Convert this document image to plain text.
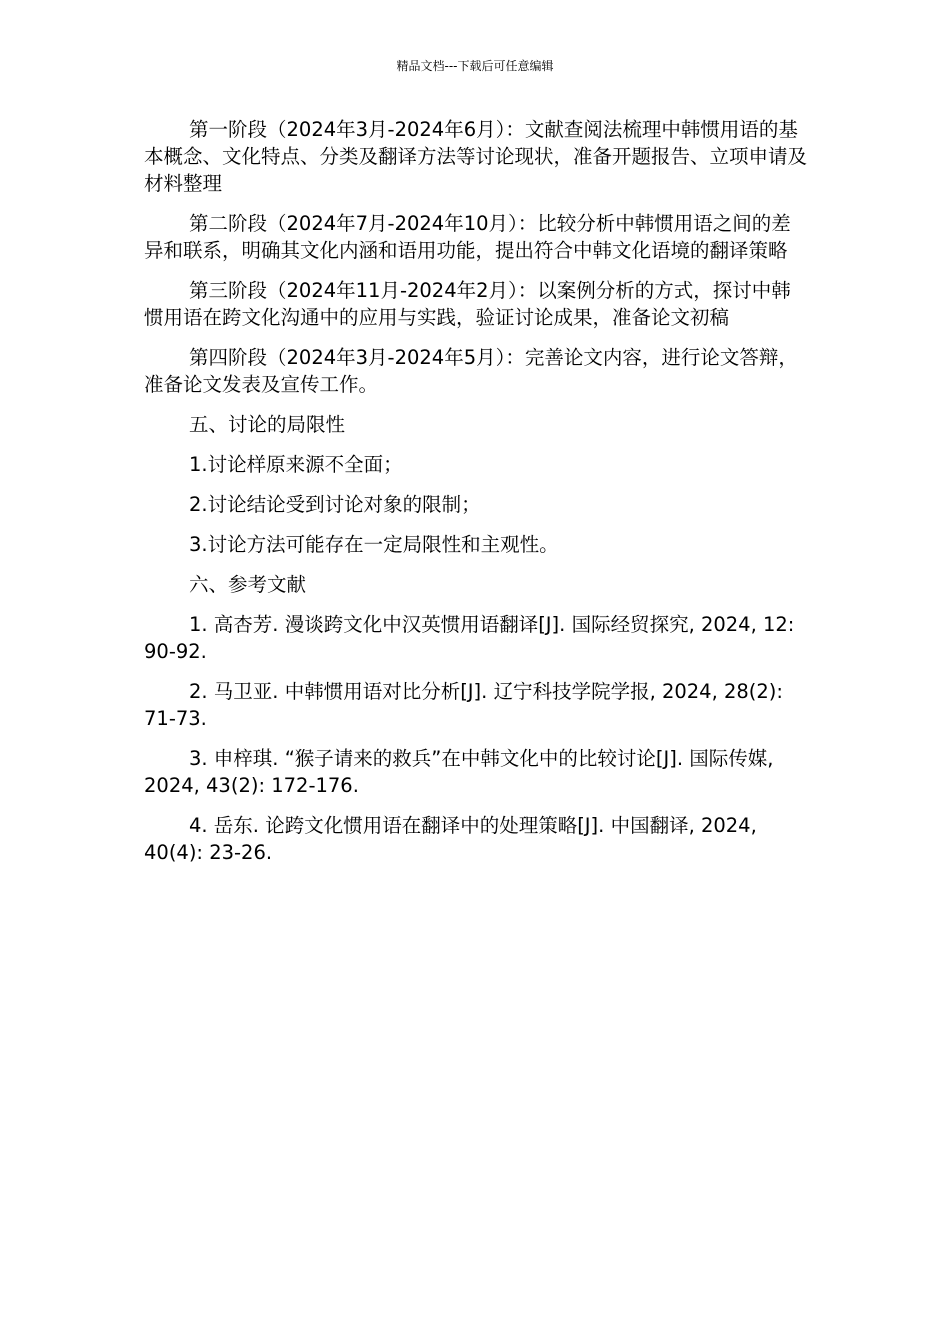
精品文档---下载后可任意编辑

第一阶段（2024年3月-2024年6月）：文献查阅法梳理中韩惯用语的基本概念、文化特点、分类及翻译方法等讨论现状，准备开题报告、立项申请及材料整理

第二阶段（2024年7月-2024年10月）：比较分析中韩惯用语之间的差异和联系，明确其文化内涵和语用功能，提出符合中韩文化语境的翻译策略

第三阶段（2024年11月-2024年2月）：以案例分析的方式，探讨中韩惯用语在跨文化沟通中的应用与实践，验证讨论成果，准备论文初稿

第四阶段（2024年3月-2024年5月）：完善论文内容，进行论文答辩，准备论文发表及宣传工作。

五、讨论的局限性

1.讨论样原来源不全面；

2.讨论结论受到讨论对象的限制；

3.讨论方法可能存在一定局限性和主观性。

六、参考文献

1. 高杏芳. 漫谈跨文化中汉英惯用语翻译[J]. 国际经贸探究, 2024, 12: 90-92.

2. 马卫亚. 中韩惯用语对比分析[J]. 辽宁科技学院学报, 2024, 28(2): 71-73.

3. 申梓琪. “猴子请来的救兵”在中韩文化中的比较讨论[J]. 国际传媒, 2024, 43(2): 172-176.

4. 岳东. 论跨文化惯用语在翻译中的处理策略[J]. 中国翻译, 2024, 40(4): 23-26.
